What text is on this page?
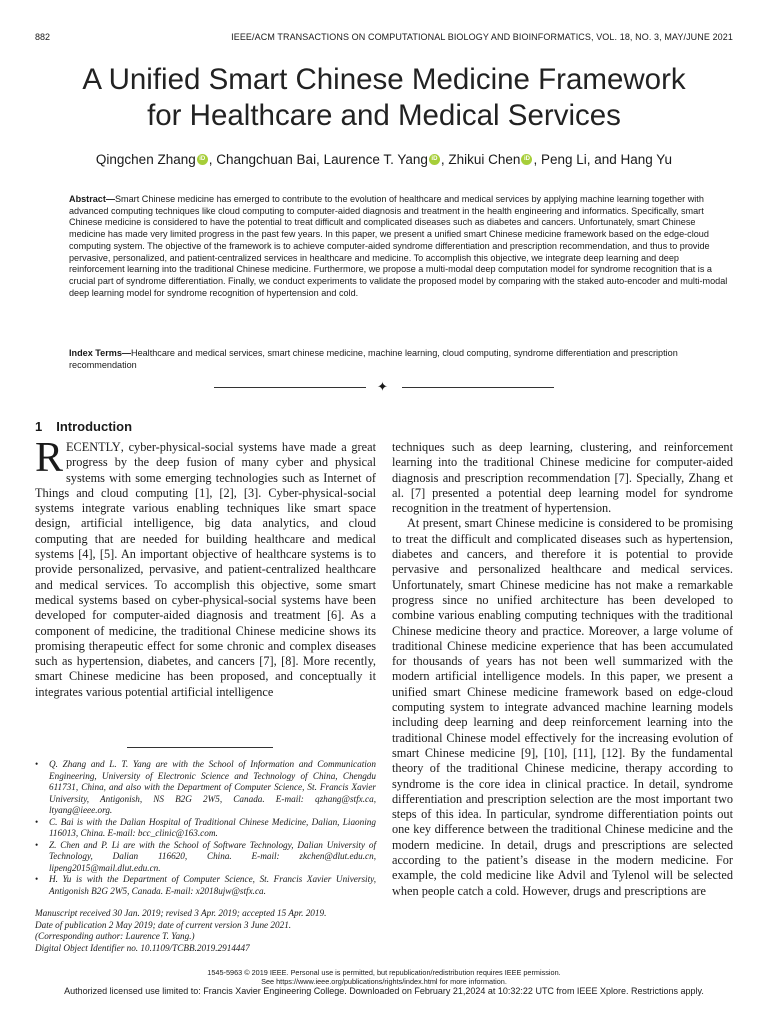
882	IEEE/ACM TRANSACTIONS ON COMPUTATIONAL BIOLOGY AND BIOINFORMATICS, VOL. 18, NO. 3, MAY/JUNE 2021
A Unified Smart Chinese Medicine Framework
for Healthcare and Medical Services
Qingchen Zhang iD , Changchuan Bai, Laurence T. Yang iD , Zhikui Chen iD , Peng Li, and Hang Yu

Abstract—Smart Chinese medicine has emerged to contribute to the evolution of healthcare and medical services by applying machine learning together with advanced computing techniques like cloud computing to computer-aided diagnosis and treatment in the health engineering and informatics. Specifically, smart Chinese medicine is considered to have the potential to treat difficult and complicated diseases such as diabetes and cancers. Unfortunately, smart Chinese medicine has made very limited progress in the past few years. In this paper, we present a unified smart Chinese medicine framework based on the edge-cloud computing system. The objective of the framework is to achieve computer-aided syndrome differentiation and prescription recommendation, and thus to provide pervasive, personalized, and patient-centralized services in healthcare and medicine. To accomplish this objective, we integrate deep learning and deep reinforcement learning into the traditional Chinese medicine. Furthermore, we propose a multi-modal deep computation model for syndrome recognition that is a crucial part of syndrome differentiation. Finally, we conduct experiments to validate the proposed model by comparing with the staked auto-encoder and multi-modal deep learning model for syndrome recognition of hypertension and cold.

Index Terms—Healthcare and medical services, smart chinese medicine, machine learning, cloud computing, syndrome differentiation and prescription recommendation

✦
1 Introduction

RECENTLY, cyber-physical-social systems have made a great progress by the deep fusion of many cyber and physical systems with some emerging technologies such as Internet of Things and cloud computing [1], [2], [3]. Cyber-physical-social systems integrate various enabling techniques like smart space design, artificial intelligence, big data analytics, and cloud computing that are needed for building healthcare and medical systems [4], [5]. An important objective of healthcare systems is to provide personalized, pervasive, and patient-centralized healthcare and medical services. To accomplish this objective, some smart medical systems based on cyber-physical-social systems have been developed for computer-aided diagnosis and treatment [6]. As a component of medicine, the traditional Chinese medicine shows its promising therapeutic effect for some chronic and complex diseases such as hypertension, diabetes, and cancers [7], [8]. More recently, smart Chinese medicine has been proposed, and conceptually it integrates various potential artificial intelligence

techniques such as deep learning, clustering, and reinforcement learning into the traditional Chinese medicine for computer-aided diagnosis and prescription recommendation [7]. Specially, Zhang et al. [7] presented a potential deep learning model for syndrome recognition in the treatment of hypertension.

At present, smart Chinese medicine is considered to be promising to treat the difficult and complicated diseases such as hypertension, diabetes and cancers, and therefore it is potential to provide pervasive and personalized healthcare and medical services. Unfortunately, smart Chinese medicine has not make a remarkable progress since no unified architecture has been developed to combine various enabling computing techniques with the traditional Chinese medicine theory and practice. Moreover, a large volume of traditional Chinese medicine experience that has been accumulated for thousands of years has not been well summarized with the modern artificial intelligence models. In this paper, we present a unified smart Chinese medicine framework based on edge-cloud computing system to integrate advanced machine learning models including deep learning and deep reinforcement learning into the traditional Chinese model effectively for the increasing evolution of smart Chinese medicine [9], [10], [11], [12]. By the fundamental theory of the traditional Chinese medicine, therapy according to syndrome is the core idea in clinical practice. In detail, syndrome differentiation and prescription selection are the most important two steps of this idea. In particular, syndrome differentiation points out one key difference between the traditional Chinese medicine and the modern medicine. In detail, drugs and prescriptions are selected according to the patient’s disease in the modern medicine. For example, the cold medicine like Advil and Tylenol will be selected when people catch a cold. However, drugs and prescriptions are

• Q. Zhang and L. T. Yang are with the School of Information and Communication Engineering, University of Electronic Science and Technology of China, Chengdu 611731, China, and also with the Department of Computer Science, St. Francis Xavier University, Antigonish, NS B2G 2W5, Canada. E-mail: qzhang@stfx.ca, ltyang@ieee.org.
• C. Bai is with the Dalian Hospital of Traditional Chinese Medicine, Dalian, Liaoning 116013, China. E-mail: bcc_clinic@163.com.
• Z. Chen and P. Li are with the School of Software Technology, Dalian University of Technology, Dalian 116620, China. E-mail: zkchen@dlut.edu.cn, lipeng2015@mail.dlut.edu.cn.
• H. Yu is with the Department of Computer Science, St. Francis Xavier University, Antigonish B2G 2W5, Canada. E-mail: x2018ujw@stfx.ca.
Manuscript received 30 Jan. 2019; revised 3 Apr. 2019; accepted 15 Apr. 2019.
Date of publication 2 May 2019; date of current version 3 June 2021.
(Corresponding author: Laurence T. Yang.)
Digital Object Identifier no. 10.1109/TCBB.2019.2914447
1545-5963 © 2019 IEEE. Personal use is permitted, but republication/redistribution requires IEEE permission.
See https://www.ieee.org/publications/rights/index.html for more information.
Authorized licensed use limited to: Francis Xavier Engineering College. Downloaded on February 21,2024 at 10:32:22 UTC from IEEE Xplore. Restrictions apply.
